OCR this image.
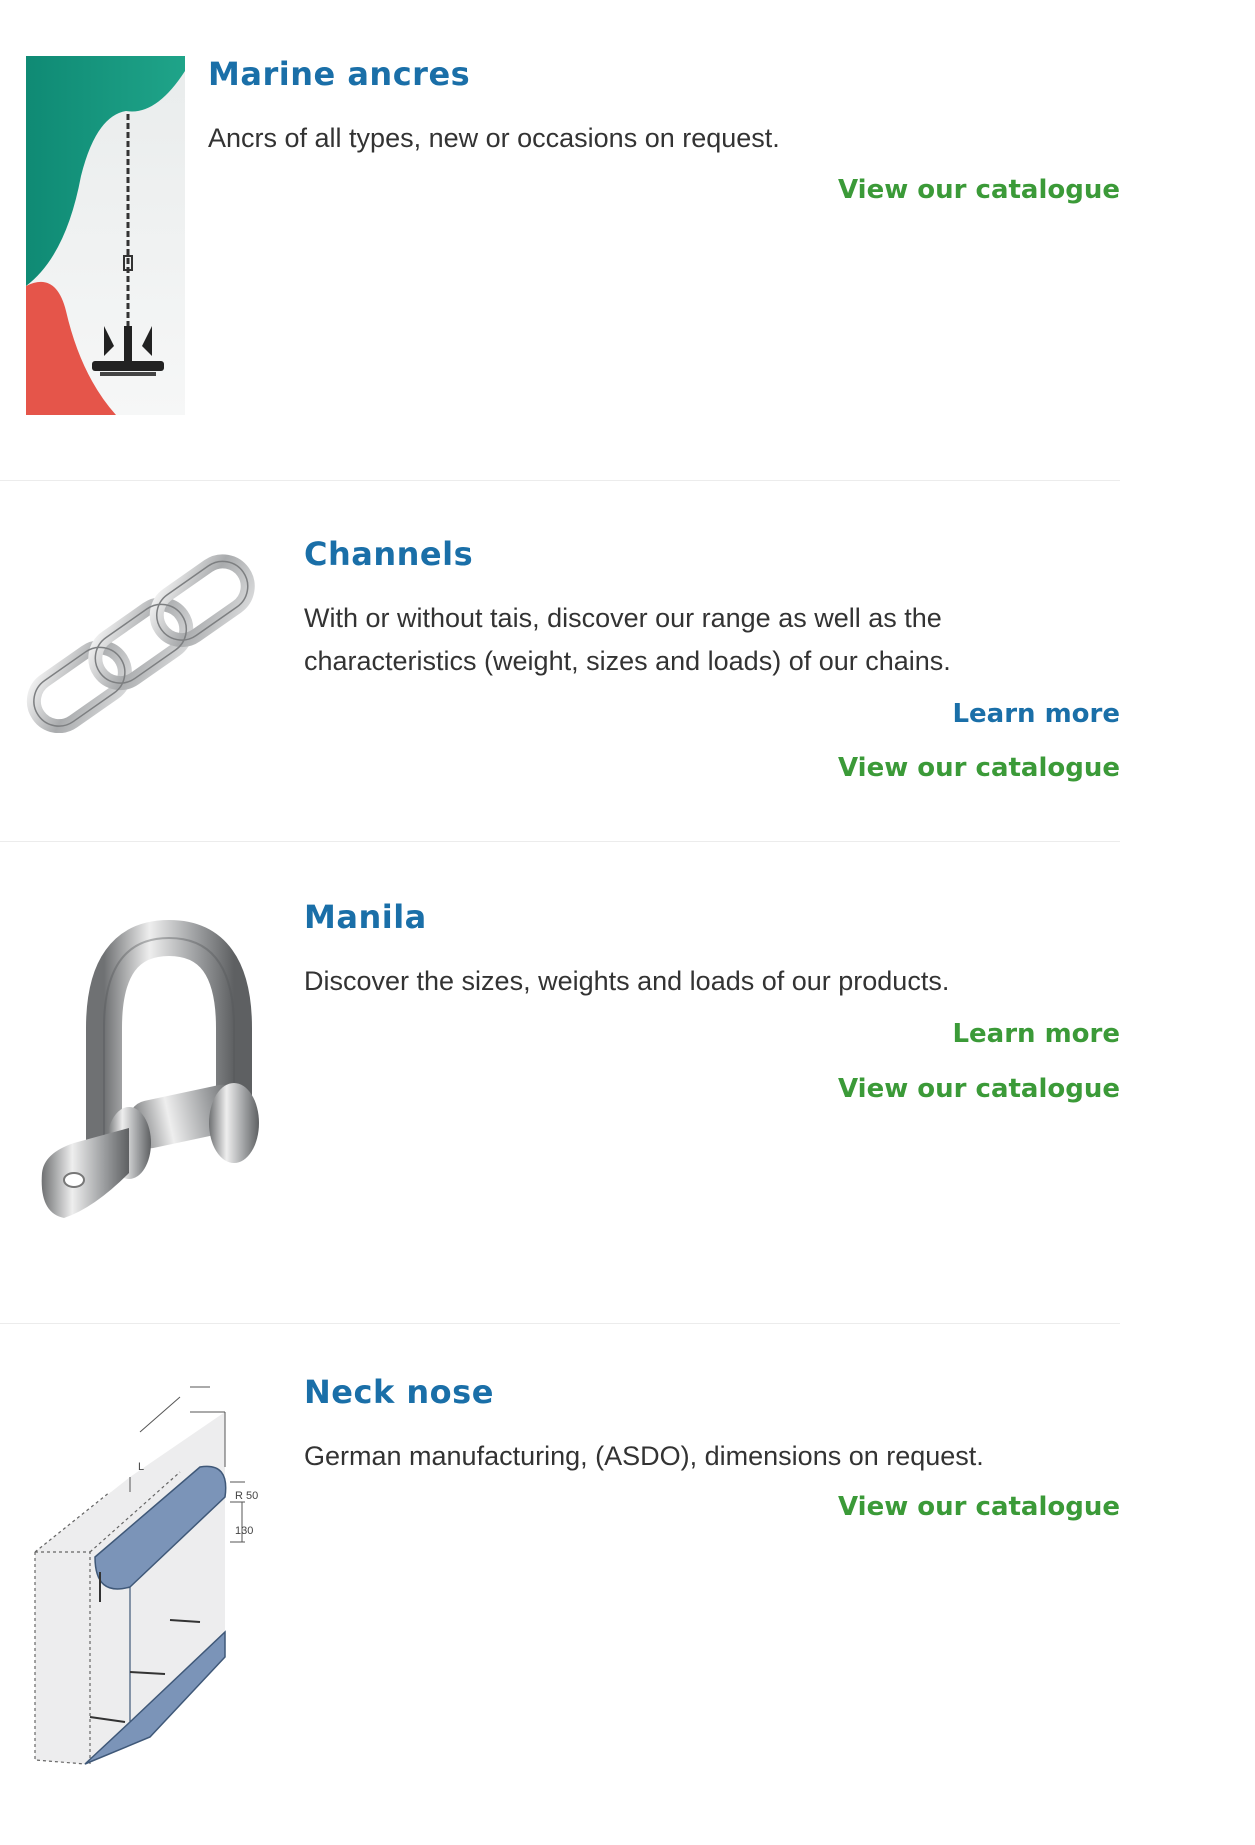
Marine ancres

Ancrs of all types, new or occasions on request.

View our catalogue
Channels

With or without tais, discover our range as well as the characteristics (weight, sizes and loads) of our chains.

Learn more
View our catalogue
Manila

Discover the sizes, weights and loads of our products.

Learn more
View our catalogue
L
R 50
130
Neck nose

German manufacturing, (ASDO), dimensions on request.

View our catalogue
